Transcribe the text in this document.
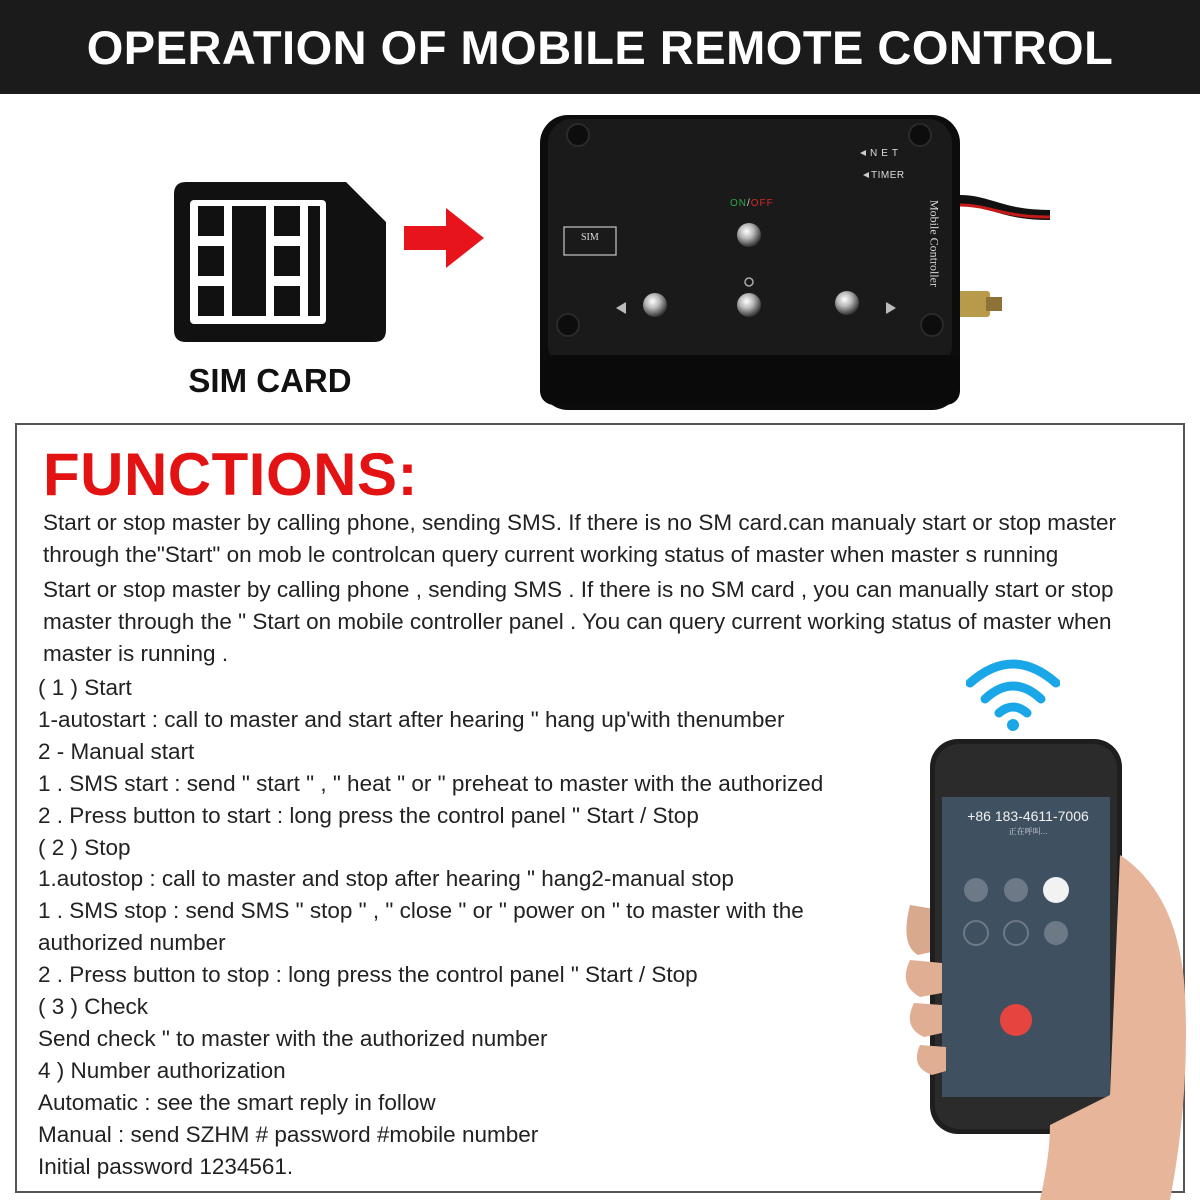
OPERATION OF MOBILE REMOTE CONTROL
SIM CARD
NET
TIMER
ON/OFF
SIM	Mobile Controller
FUNCTIONS:
Start or stop master by calling phone, sending SMS. If there is no SM card.can manualy start or stop master through the"Start" on mob le controlcan query current working status of master when master s running
Start or stop master by calling phone , sending SMS . If there is no SM card , you can manually start or stop master through the " Start on mobile controller panel . You can query current working status of master when master is running .
( 1 ) Start
1-autostart : call to master and start after hearing " hang up'with thenumber
2 - Manual start
1 . SMS start : send " start " , " heat " or " preheat to master with the authorized
2 . Press button to start : long press the control panel " Start / Stop
( 2 ) Stop
1.autostop : call to master and stop after hearing " hang2-manual stop
1 . SMS stop : send SMS " stop " , " close " or " power on " to master with the
authorized number
2 . Press button to stop : long press the control panel " Start / Stop
( 3 ) Check
Send check " to master with the authorized number
4 ) Number authorization
Automatic : see the smart reply in follow
Manual : send SZHM # password #mobile number
Initial password 1234561.
+86 183-4611-7006
正在呼叫...
